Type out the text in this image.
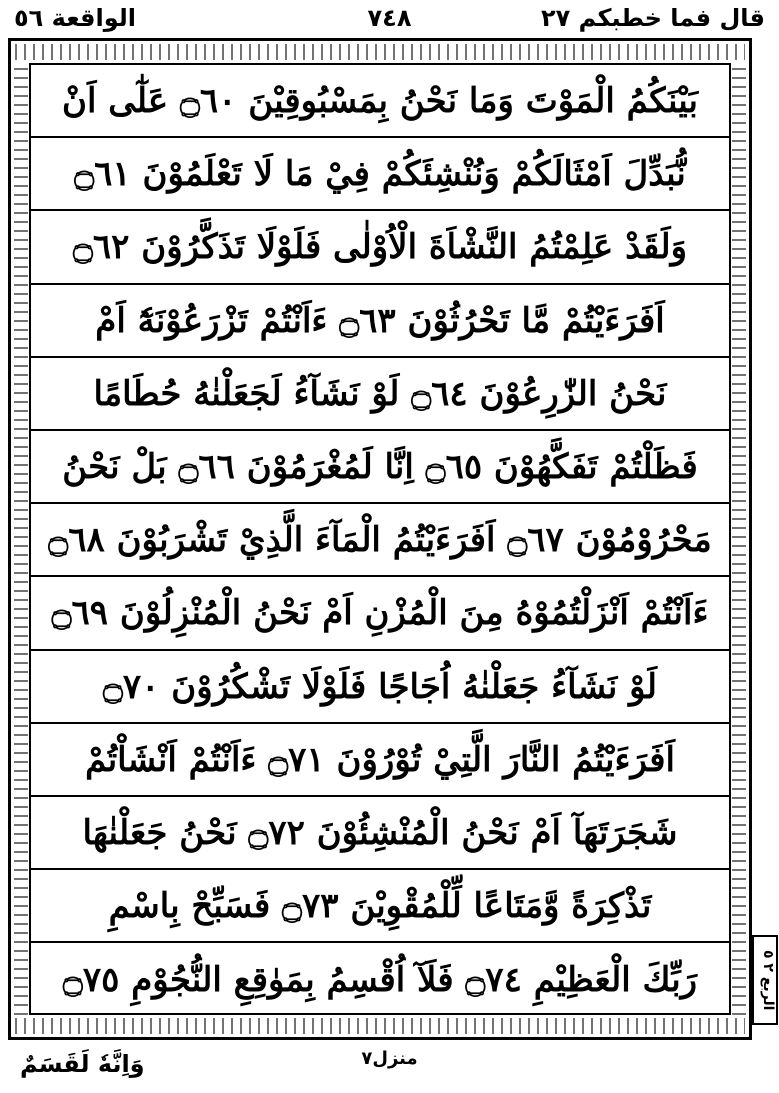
الواقعة ٥٦	٧٤٨	قال فما خطبكم ٢٧
بَيْنَكُمُ الْمَوْتَ وَمَا نَحْنُ بِمَسْبُوقِيْنَ ۝٦٠ عَلٰٓى اَنْ
نُّبَدِّلَ اَمْثَالَكُمْ وَنُنْشِئَكُمْ فِيْ مَا لَا تَعْلَمُوْنَ ۝٦١
وَلَقَدْ عَلِمْتُمُ النَّشْاَةَ الْاُوْلٰى فَلَوْلَا تَذَكَّرُوْنَ ۝٦٢
اَفَرَءَيْتُمْ مَّا تَحْرُثُوْنَ ۝٦٣ ءَاَنْتُمْ تَزْرَعُوْنَهٗٓ اَمْ
نَحْنُ الزّٰرِعُوْنَ ۝٦٤ لَوْ نَشَآءُ لَجَعَلْنٰهُ حُطَامًا
فَظَلْتُمْ تَفَكَّهُوْنَ ۝٦٥ اِنَّا لَمُغْرَمُوْنَ ۝٦٦ بَلْ نَحْنُ
مَحْرُوْمُوْنَ ۝٦٧ اَفَرَءَيْتُمُ الْمَآءَ الَّذِيْ تَشْرَبُوْنَ ۝٦٨
ءَاَنْتُمْ اَنْزَلْتُمُوْهُ مِنَ الْمُزْنِ اَمْ نَحْنُ الْمُنْزِلُوْنَ ۝٦٩
لَوْ نَشَآءُ جَعَلْنٰهُ اُجَاجًا فَلَوْلَا تَشْكُرُوْنَ ۝٧٠
اَفَرَءَيْتُمُ النَّارَ الَّتِيْ تُوْرُوْنَ ۝٧١ ءَاَنْتُمْ اَنْشَاْتُمْ
شَجَرَتَهَآ اَمْ نَحْنُ الْمُنْشِئُوْنَ ۝٧٢ نَحْنُ جَعَلْنٰهَا
تَذْكِرَةً وَّمَتَاعًا لِّلْمُقْوِيْنَ ۝٧٣ فَسَبِّحْ بِاسْمِ
رَبِّكَ الْعَظِيْمِ ۝٧٤ فَلَآ اُقْسِمُ بِمَوٰقِعِ النُّجُوْمِ ۝٧٥
الربع ٢ ٥
وَاِنَّهٗ لَقَسَمٌ	منزل٧
